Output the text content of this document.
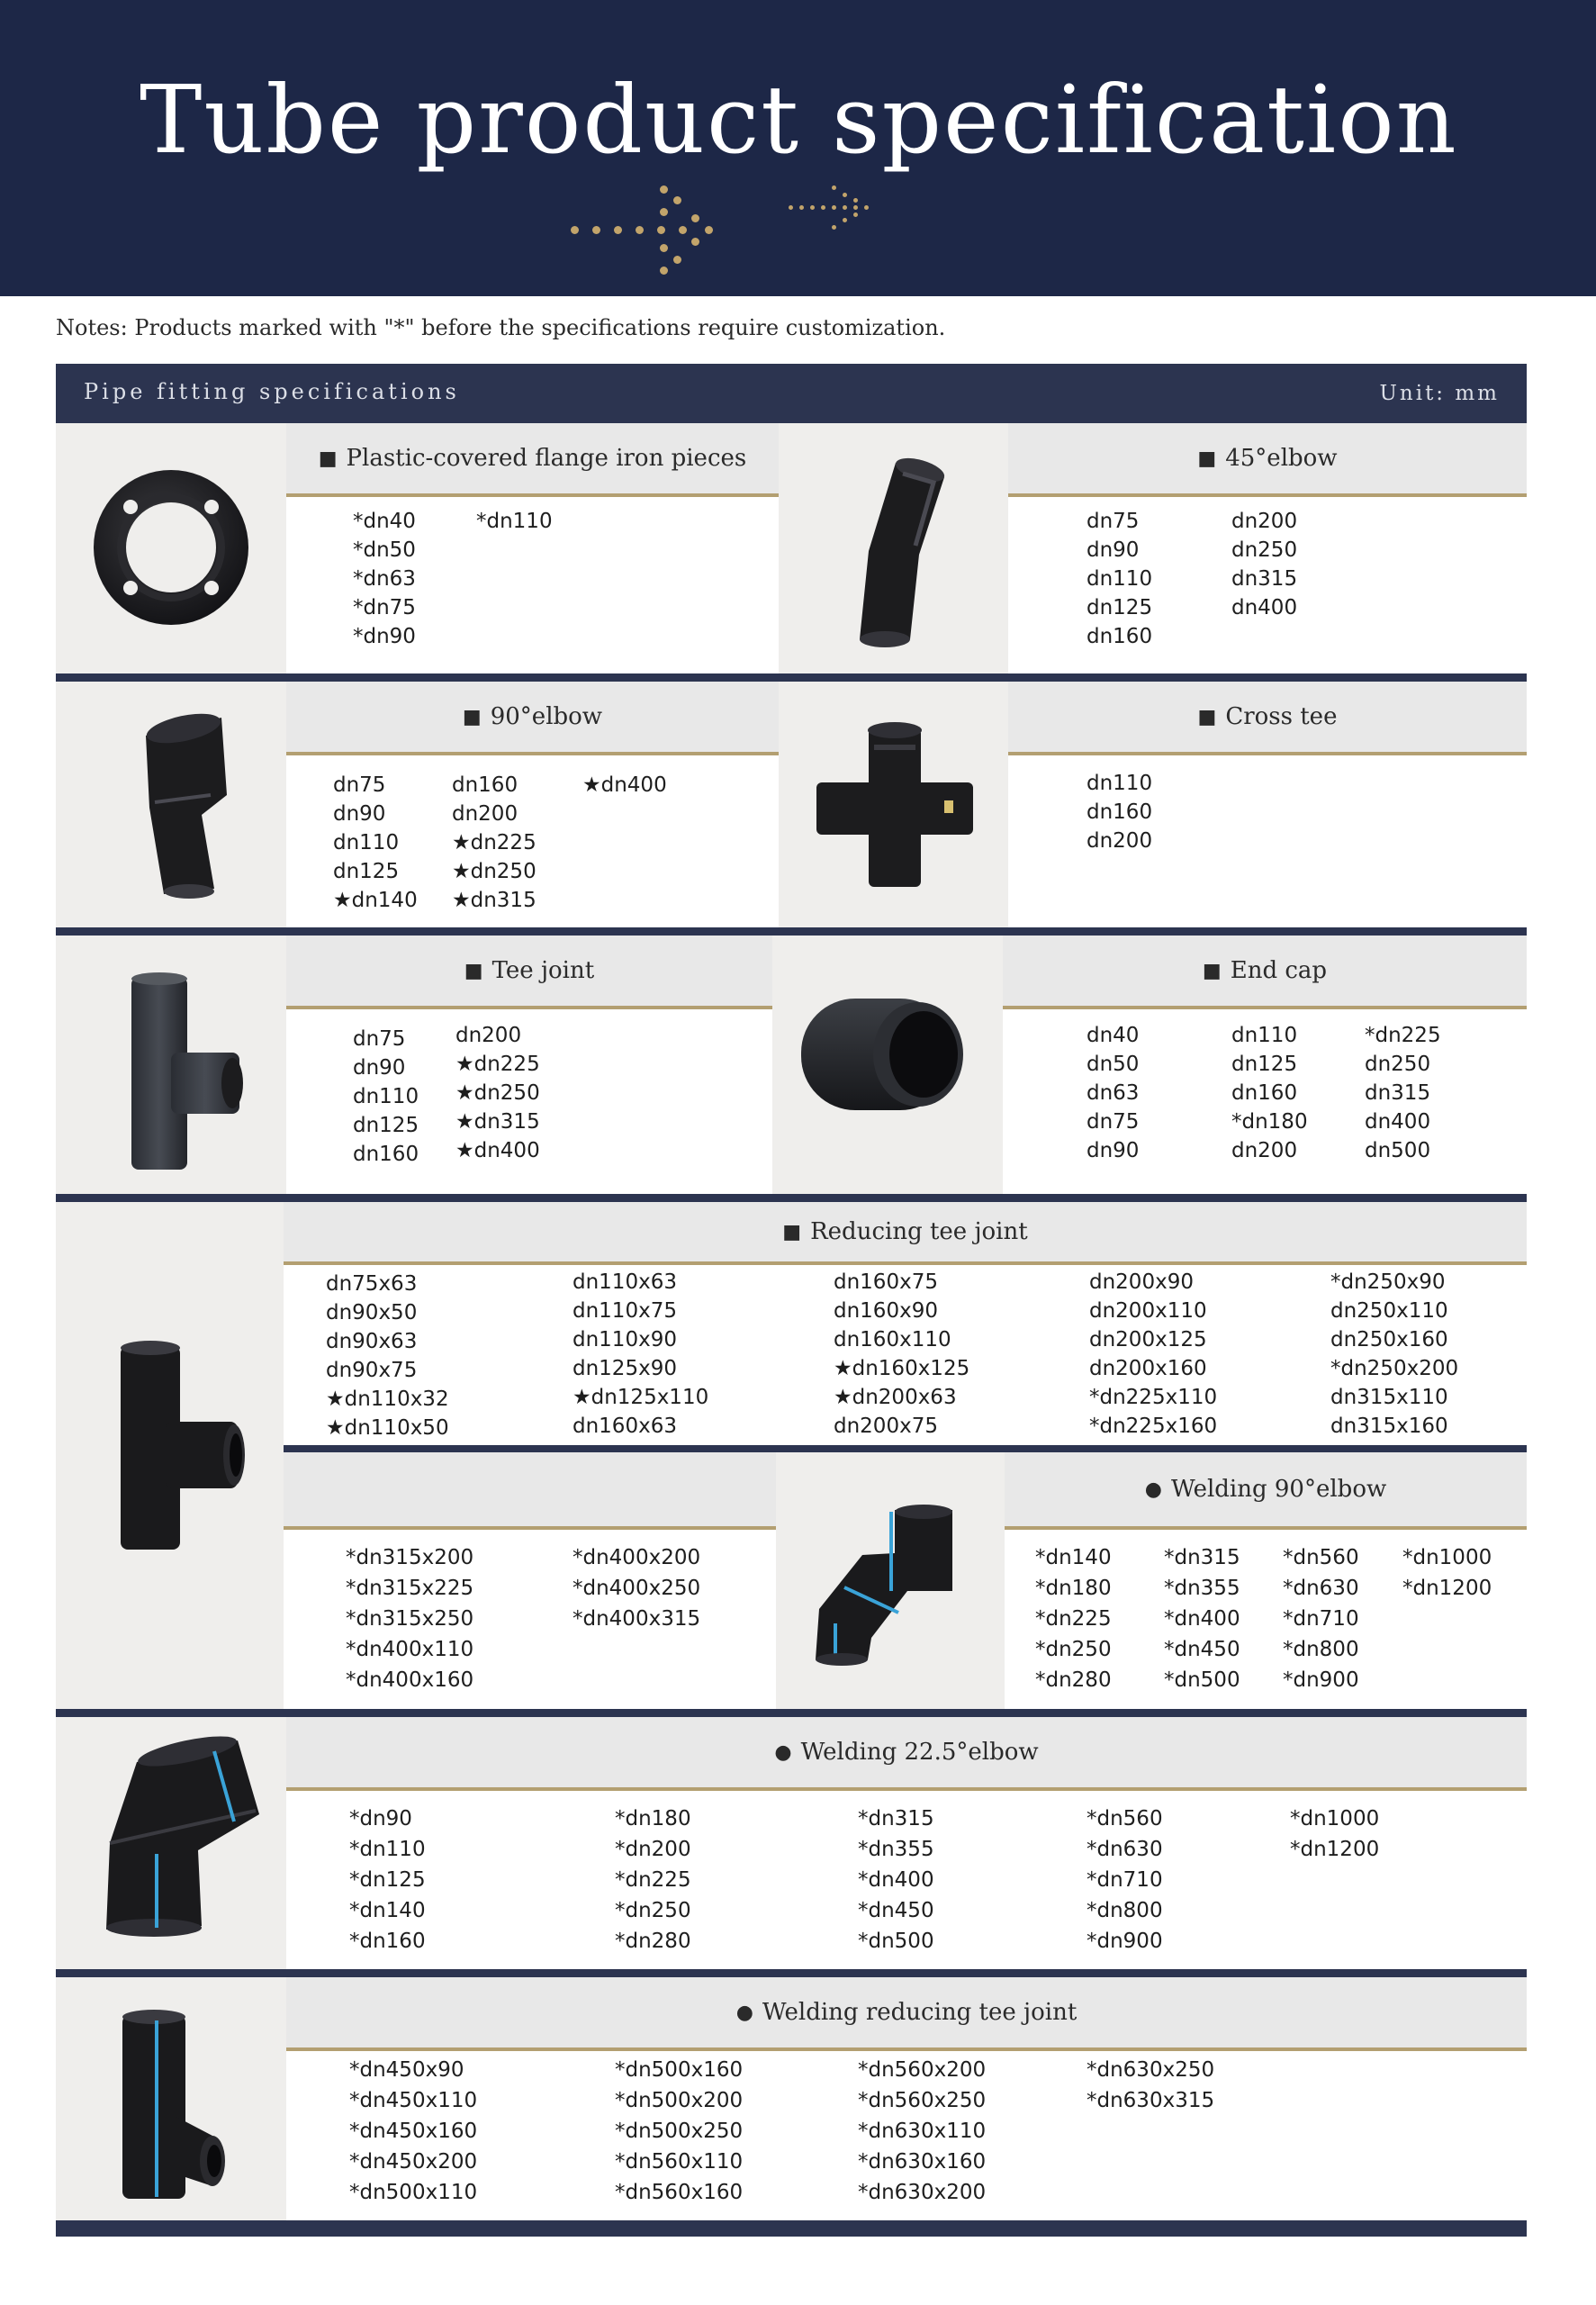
Tube product specification
Notes: Products marked with "*" before the specifications require customization.
Pipe fitting specifications	Unit: mm
■ Plastic-covered flange iron pieces
*dn40
*dn50
*dn63
*dn75
*dn90
*dn110
■ 45°elbow
dn75
dn90
dn110
dn125
dn160
dn200
dn250
dn315
dn400
■ 90°elbow
dn75
dn90
dn110
dn125
★dn140
dn160
dn200
★dn225
★dn250
★dn315
★dn400
■ Cross tee
dn110
dn160
dn200
■ Tee joint
dn75
dn90
dn110
dn125
dn160
dn200
★dn225
★dn250
★dn315
★dn400
■ End cap
dn40
dn50
dn63
dn75
dn90
dn110
dn125
dn160
*dn180
dn200
*dn225
dn250
dn315
dn400
dn500
■ Reducing tee joint
dn75x63
dn90x50
dn90x63
dn90x75
★dn110x32
★dn110x50
dn110x63
dn110x75
dn110x90
dn125x90
★dn125x110
dn160x63
dn160x75
dn160x90
dn160x110
★dn160x125
★dn200x63
dn200x75
dn200x90
dn200x110
dn200x125
dn200x160
*dn225x110
*dn225x160
*dn250x90
dn250x110
dn250x160
*dn250x200
dn315x110
dn315x160
*dn315x200
*dn315x225
*dn315x250
*dn400x110
*dn400x160
*dn400x200
*dn400x250
*dn400x315
● Welding 90°elbow
*dn140
*dn180
*dn225
*dn250
*dn280
*dn315
*dn355
*dn400
*dn450
*dn500
*dn560
*dn630
*dn710
*dn800
*dn900
*dn1000
*dn1200
● Welding 22.5°elbow
*dn90
*dn110
*dn125
*dn140
*dn160
*dn180
*dn200
*dn225
*dn250
*dn280
*dn315
*dn355
*dn400
*dn450
*dn500
*dn560
*dn630
*dn710
*dn800
*dn900
*dn1000
*dn1200
● Welding reducing tee joint
*dn450x90
*dn450x110
*dn450x160
*dn450x200
*dn500x110
*dn500x160
*dn500x200
*dn500x250
*dn560x110
*dn560x160
*dn560x200
*dn560x250
*dn630x110
*dn630x160
*dn630x200
*dn630x250
*dn630x315
